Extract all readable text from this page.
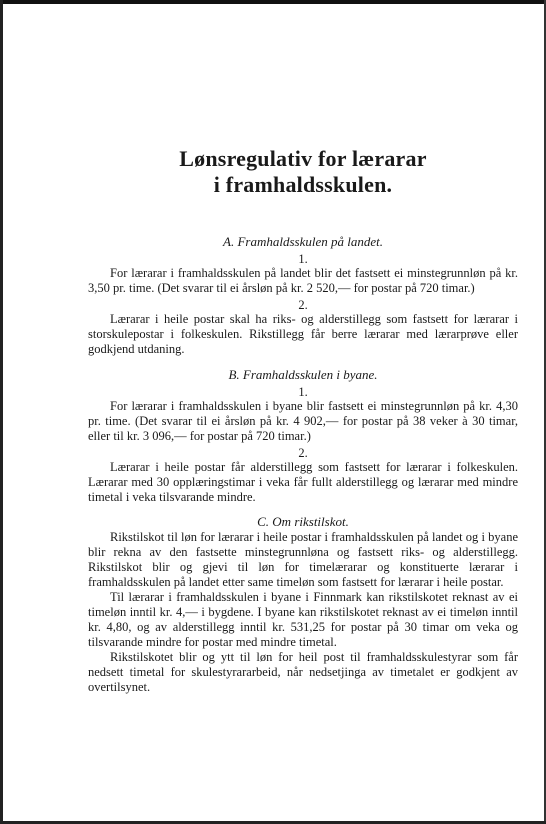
Lønsregulativ for lærarar
i framhaldsskulen.
A. Framhaldsskulen på landet.
1.

For lærarar i framhaldsskulen på landet blir det fastsett ei minstegrunnløn på kr. 3,50 pr. time. (Det svarar til ei årsløn på kr. 2 520,— for postar på 720 timar.)

2.

Lærarar i heile postar skal ha riks- og alderstillegg som fastsett for lærarar i storskulepostar i folkeskulen. Rikstillegg får berre lærarar med lærarprøve eller godkjend utdaning.

B. Framhaldsskulen i byane.
1.

For lærarar i framhaldsskulen i byane blir fastsett ei minstegrunnløn på kr. 4,30 pr. time. (Det svarar til ei årsløn på kr. 4 902,— for postar på 38 veker à 30 timar, eller til kr. 3 096,— for postar på 720 timar.)

2.

Lærarar i heile postar får alderstillegg som fastsett for lærarar i folkeskulen. Lærarar med 30 opplæringstimar i veka får fullt alderstillegg og lærarar med mindre timetal i veka tilsvarande mindre.

C. Om rikstilskot.

Rikstilskot til løn for lærarar i heile postar i framhaldsskulen på landet og i byane blir rekna av den fastsette minstegrunnløna og fastsett riks- og alderstillegg. Rikstilskot blir og gjevi til løn for timelærarar og konstituerte lærarar i framhaldsskulen på landet etter same timeløn som fastsett for lærarar i heile postar.

Til lærarar i framhaldsskulen i byane i Finnmark kan rikstilskotet reknast av ei timeløn inntil kr. 4,— i bygdene. I byane kan rikstilskotet reknast av ei timeløn inntil kr. 4,80, og av alderstillegg inntil kr. 531,25 for postar på 30 timar om veka og tilsvarande mindre for postar med mindre timetal.

Rikstilskotet blir og ytt til løn for heil post til framhaldsskulestyrar som får nedsett timetal for skulestyrararbeid, når nedsetjinga av timetalet er godkjent av overtilsynet.
